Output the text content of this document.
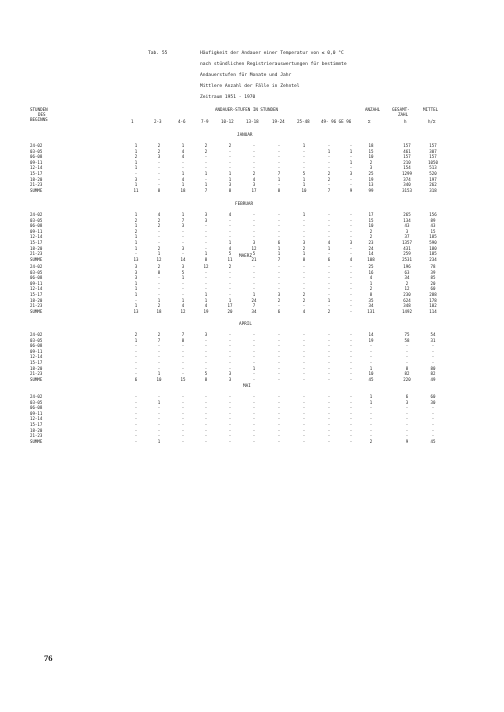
Tab. 55	Häufigkeit der Andauer einer Temperatur von ≤ 0,0 °C
nach stündlichen Registrierauswertungen für bestimmte
Andauerstufen für Monate und Jahr
Mittlere Anzahl der Fälle in Zehntel
Zeitraum 1951 - 1970
STUNDEN
DES
BEGINNS
ANDAUER-STUFEN IN STUNDEN	ANZAHL	GESAMT-
ZAHL
MITTEL
1	2-3	4-6	7-9	10-12	13-18	19-24	25-48	49- 96 GE 96	Σ	h	h/Σ
JANUAR
24-02	1	2	1	2	2	-	-	1	-	-	18	157	157
03-05	1	2	4	2	-	-	-	-	1	1	15	461	307
06-08	2	3	4	-	-	-	-	-	-	-	10	157	157
09-11	1	-	-	-	-	-	-	-	-	1	2	210	1050
12-14	1	-	-	-	-	-	-	-	-	-	3	154	513
15-17	-	-	1	1	1	2	7	5	2	3	25	1299	520
18-20	3	-	4	-	1	4	1	1	2	-	19	374	197
21-23	1	-	1	1	3	3	-	1	-	-	13	340	262
SUMME	11	8	18	7	8	17	8	10	7	9	99	3153	318
FEBRUAR
24-02	1	4	1	3	4	-	-	1	-	-	17	265	156
03-05	2	2	7	3	-	-	-	-	-	-	15	134	89
06-08	1	2	3	-	-	-	-	-	-	-	10	43	43
09-11	2	-	-	-	-	-	-	-	-	-	2	3	15
12-14	1	-	-	-	-	-	-	-	-	-	2	37	185
15-17	1	-	-	-	1	3	6	3	4	3	23	1357	590
18-20	1	2	3	-	4	12	1	2	1	-	24	431	180
21-23	-	1	-	1	5	5	1	1	-	-	14	259	185
SUMME	13	12	14	8	11	21	7	8	6	4	108	2531	234
MAERZ
24-02	3	2	3	12	2	-	-	-	-	-	25	196	78
03-05	3	8	5	-	-	-	-	-	-	-	16	63	39
06-08	3	-	1	-	-	-	-	-	-	-	4	34	85
09-11	1	-	-	-	-	-	-	-	-	-	1	2	20
12-14	1	-	-	-	-	-	-	-	-	-	2	12	60
15-17	1	-	-	1	-	1	3	2	-	-	8	230	288
18-20	-	1	1	1	1	24	2	2	1	-	35	624	178
21-23	1	2	4	4	17	7	-	-	-	-	34	348	102
SUMME	13	18	12	19	20	34	6	4	2	-	131	1492	114
APRIL
24-02	2	2	7	3	-	-	-	-	-	-	14	75	54
03-05	1	7	8	-	-	-	-	-	-	-	19	58	31
06-08	-	-	-	-	-	-	-	-	-	-	-	-	-
09-11	-	-	-	-	-	-	-	-	-	-	-	-	-
12-14	-	-	-	-	-	-	-	-	-	-	-	-	-
15-17	-	-	-	-	-	-	-	-	-	-	-	-	-
18-20	-	-	-	-	-	1	-	-	-	-	1	8	80
21-23	-	1	-	5	3	-	-	-	-	-	10	82	82
SUMME	6	10	15	8	3	-	-	-	-	-	45	220	49
MAI
24-02	-	-	-	-	-	-	-	-	-	-	1	6	60
03-05	-	1	-	-	-	-	-	-	-	-	1	3	30
06-08	-	-	-	-	-	-	-	-	-	-	-	-	-
09-11	-	-	-	-	-	-	-	-	-	-	-	-	-
12-14	-	-	-	-	-	-	-	-	-	-	-	-	-
15-17	-	-	-	-	-	-	-	-	-	-	-	-	-
18-20	-	-	-	-	-	-	-	-	-	-	-	-	-
21-23	-	-	-	-	-	-	-	-	-	-	-	-	-
SUMME	-	1	-	-	-	-	-	-	-	-	2	9	45
76
